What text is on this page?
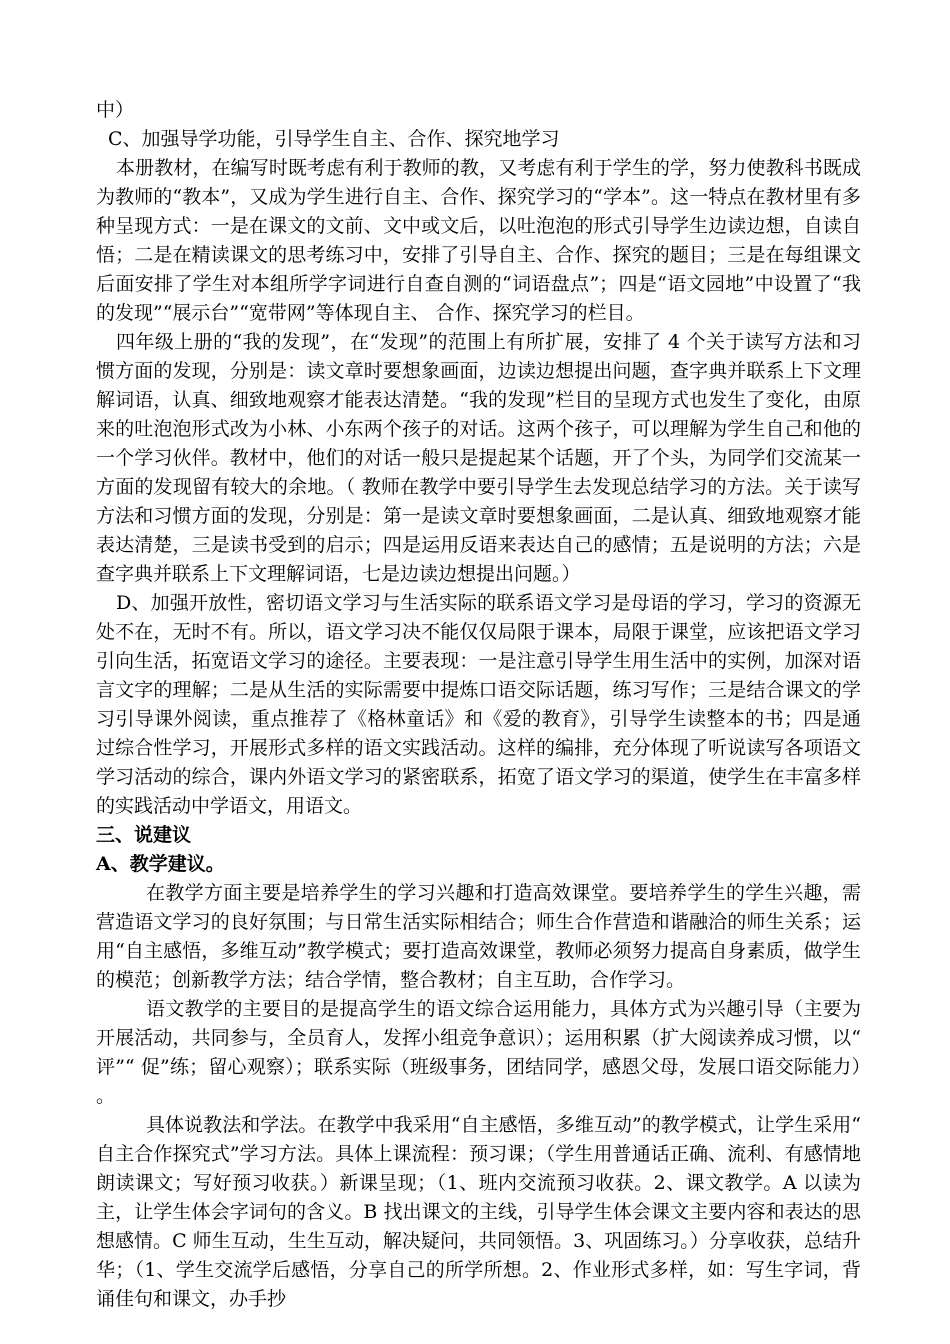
中）

C、加强导学功能，引导学生自主、合作、探究地学习

本册教材，在编写时既考虑有利于教师的教，又考虑有利于学生的学，努力使教科书既成为教师的“教本”，又成为学生进行自主、合作、探究学习的“学本”。这一特点在教材里有多种呈现方式：一是在课文的文前、文中或文后，以吐泡泡的形式引导学生边读边想，自读自悟；二是在精读课文的思考练习中，安排了引导自主、合作、探究的题目；三是在每组课文后面安排了学生对本组所学字词进行自查自测的“词语盘点”；四是“语文园地”中设置了“我的发现”“展示台”“宽带网”等体现自主、 合作、探究学习的栏目。

四年级上册的“我的发现”，在“发现”的范围上有所扩展，安排了 4 个关于读写方法和习惯方面的发现，分别是：读文章时要想象画面，边读边想提出问题，查字典并联系上下文理解词语，认真、细致地观察才能表达清楚。“我的发现”栏目的呈现方式也发生了变化，由原来的吐泡泡形式改为小林、小东两个孩子的对话。这两个孩子，可以理解为学生自己和他的一个学习伙伴。教材中，他们的对话一般只是提起某个话题，开了个头，为同学们交流某一方面的发现留有较大的余地。（ 教师在教学中要引导学生去发现总结学习的方法。关于读写方法和习惯方面的发现，分别是：第一是读文章时要想象画面，二是认真、细致地观察才能表达清楚，三是读书受到的启示；四是运用反语来表达自己的感情；五是说明的方法；六是查字典并联系上下文理解词语，七是边读边想提出问题。）

D、加强开放性，密切语文学习与生活实际的联系语文学习是母语的学习，学习的资源无处不在，无时不有。所以，语文学习决不能仅仅局限于课本，局限于课堂，应该把语文学习引向生活，拓宽语文学习的途径。主要表现：一是注意引导学生用生活中的实例，加深对语言文字的理解；二是从生活的实际需要中提炼口语交际话题，练习写作；三是结合课文的学习引导课外阅读，重点推荐了《格林童话》和《爱的教育》，引导学生读整本的书；四是通过综合性学习，开展形式多样的语文实践活动。这样的编排，充分体现了听说读写各项语文学习活动的综合，课内外语文学习的紧密联系，拓宽了语文学习的渠道，使学生在丰富多样的实践活动中学语文，用语文。

三、说建议

A、教学建议。

在教学方面主要是培养学生的学习兴趣和打造高效课堂。要培养学生的学生兴趣，需营造语文学习的良好氛围；与日常生活实际相结合；师生合作营造和谐融洽的师生关系；运用“自主感悟，多维互动”教学模式；要打造高效课堂，教师必须努力提高自身素质，做学生的模范；创新教学方法；结合学情，整合教材；自主互助，合作学习。

语文教学的主要目的是提高学生的语文综合运用能力，具体方式为兴趣引导（主要为开展活动，共同参与，全员育人，发挥小组竞争意识）；运用积累（扩大阅读养成习惯，以“评”“ 促”练；留心观察）；联系实际（班级事务，团结同学，感恩父母，发展口语交际能力）。

具体说教法和学法。在教学中我采用“自主感悟，多维互动”的教学模式，让学生采用“自主合作探究式”学习方法。具体上课流程：预习课；（学生用普通话正确、流利、有感情地朗读课文；写好预习收获。）新课呈现；（1、班内交流预习收获。2、课文教学。A 以读为主，让学生体会字词句的含义。B 找出课文的主线，引导学生体会课文主要内容和表达的思想感情。C 师生互动，生生互动，解决疑问，共同领悟。3、巩固练习。）分享收获，总结升华；（1、学生交流学后感悟，分享自己的所学所想。2、作业形式多样，如：写生字词，背诵佳句和课文，办手抄
